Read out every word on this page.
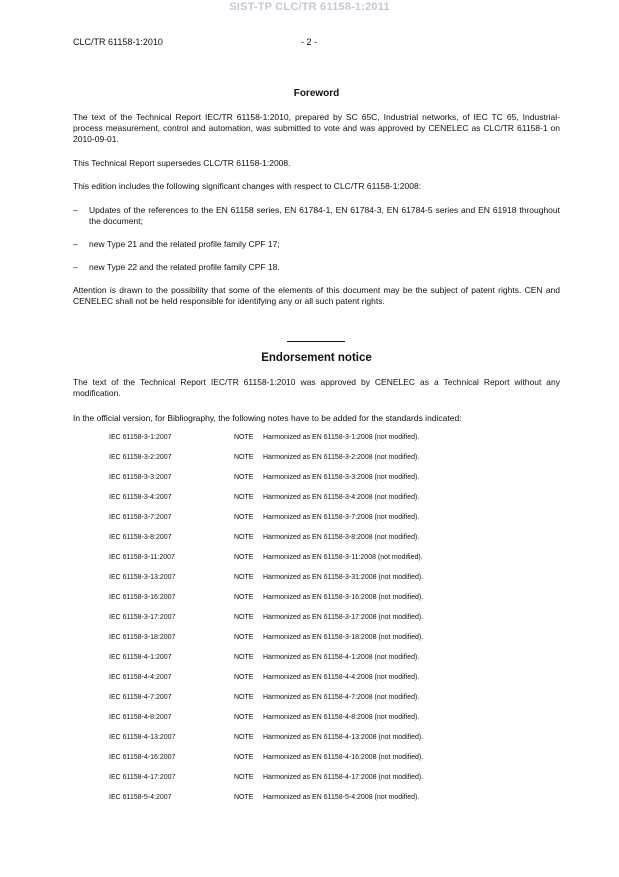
SIST-TP CLC/TR 61158-1:2011
CLC/TR 61158-1:2010	- 2 -
Foreword
The text of the Technical Report IEC/TR 61158-1:2010, prepared by SC 65C, Industrial networks, of IEC TC 65, Industrial-process measurement, control and automation, was submitted to vote and was approved by CENELEC as CLC/TR 61158-1 on 2010-09-01.
This Technical Report supersedes CLC/TR 61158-1:2008.
This edition includes the following significant changes with respect to CLC/TR 61158-1:2008:
– Updates of the references to the EN 61158 series, EN 61784-1, EN 61784-3, EN 61784-5 series and EN 61918 throughout the document;
– new Type 21 and the related profile family CPF 17;
– new Type 22 and the related profile family CPF 18.
Attention is drawn to the possibility that some of the elements of this document may be the subject of patent rights. CEN and CENELEC shall not be held responsible for identifying any or all such patent rights.
Endorsement notice
The text of the Technical Report IEC/TR 61158-1:2010 was approved by CENELEC as a Technical Report without any modification.
In the official version, for Bibliography, the following notes have to be added for the standards indicated:
IEC 61158-3-1:2007	NOTE Harmonized as EN 61158-3-1:2008 (not modified).
IEC 61158-3-2:2007	NOTE Harmonized as EN 61158-3-2:2008 (not modified).
IEC 61158-3-3:2007	NOTE Harmonized as EN 61158-3-3:2008 (not modified).
IEC 61158-3-4:2007	NOTE Harmonized as EN 61158-3-4:2008 (not modified).
IEC 61158-3-7:2007	NOTE Harmonized as EN 61158-3-7:2008 (not modified).
IEC 61158-3-8:2007	NOTE Harmonized as EN 61158-3-8:2008 (not modified).
IEC 61158-3-11:2007	NOTE Harmonized as EN 61158-3-11:2008 (not modified).
IEC 61158-3-13:2007	NOTE Harmonized as EN 61158-3-31:2008 (not modified).
IEC 61158-3-16:2007	NOTE Harmonized as EN 61158-3-16:2008 (not modified).
IEC 61158-3-17:2007	NOTE Harmonized as EN 61158-3-17:2008 (not modified).
IEC 61158-3-18:2007	NOTE Harmonized as EN 61158-3-18:2008 (not modified).
IEC 61158-4-1:2007	NOTE Harmonized as EN 61158-4-1:2008 (not modified).
IEC 61158-4-4:2007	NOTE Harmonized as EN 61158-4-4:2008 (not modified).
IEC 61158-4-7:2007	NOTE Harmonized as EN 61158-4-7:2008 (not modified).
IEC 61158-4-8:2007	NOTE Harmonized as EN 61158-4-8:2008 (not modified).
IEC 61158-4-13:2007	NOTE Harmonized as EN 61158-4-13:2008 (not modified).
IEC 61158-4-16:2007	NOTE Harmonized as EN 61158-4-16:2008 (not modified).
IEC 61158-4-17:2007	NOTE Harmonized as EN 61158-4-17:2008 (not modified).
IEC 61158-5-4:2007	NOTE Harmonized as EN 61158-5-4:2008 (not modified).
